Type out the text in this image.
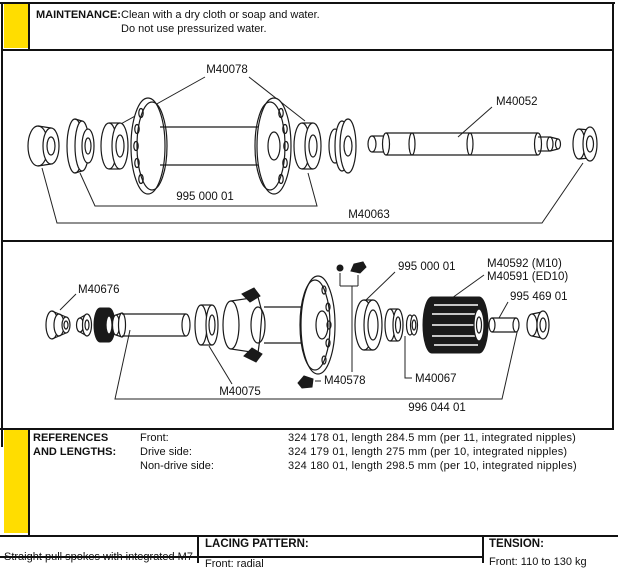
MAINTENANCE: Clean with a dry cloth or soap and water.
Do not use pressurized water.
M40078
995 000 01
M40052
M40063
M40676
995 000 01	M40592 (M10)
M40591 (ED10)
995 469 01
M40578
M40075
996 044 01
M40067
REFERENCES
AND LENGTHS:
Front:	324 178 01, length 284.5 mm (per 11, integrated nipples)
Drive side:	324 179 01, length 275 mm (per 10, integrated nipples)
Non-drive side:	324 180 01, length 298.5 mm (per 10, integrated nipples)
LACING PATTERN:
Front: radial
TENSION:
Front: 110 to 130 kg
